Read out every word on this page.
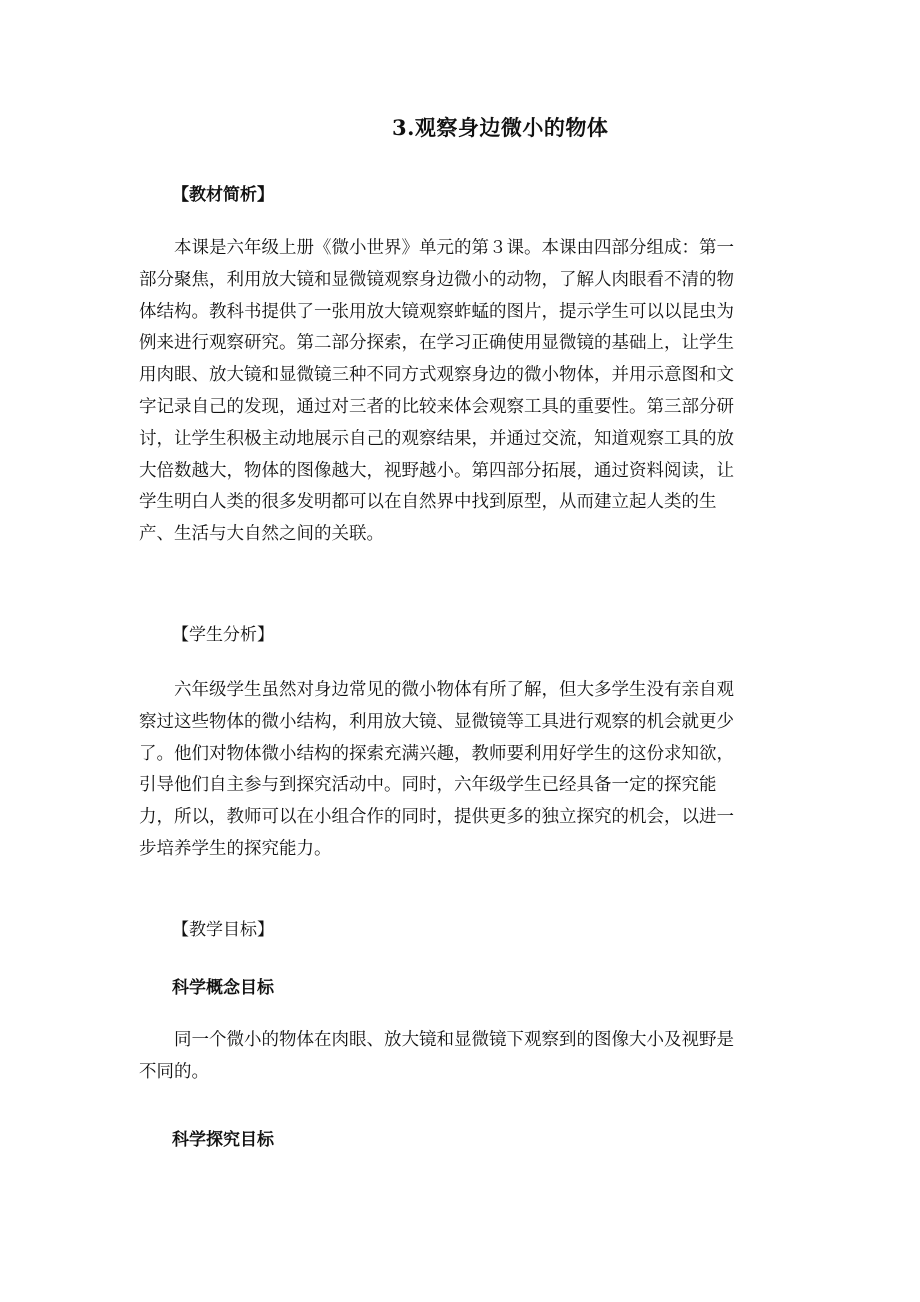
3.观察身边微小的物体
【教材简析】
　　本课是六年级上册《微小世界》单元的第３课。本课由四部分组成：第一
部分聚焦，利用放大镜和显微镜观察身边微小的动物，了解人肉眼看不清的物
体结构。教科书提供了一张用放大镜观察蚱蜢的图片，提示学生可以以昆虫为
例来进行观察研究。第二部分探索，在学习正确使用显微镜的基础上，让学生
用肉眼、放大镜和显微镜三种不同方式观察身边的微小物体，并用示意图和文
字记录自己的发现，通过对三者的比较来体会观察工具的重要性。第三部分研
讨，让学生积极主动地展示自己的观察结果，并通过交流，知道观察工具的放
大倍数越大，物体的图像越大，视野越小。第四部分拓展，通过资料阅读，让
学生明白人类的很多发明都可以在自然界中找到原型，从而建立起人类的生
产、生活与大自然之间的关联。
【学生分析】
　　六年级学生虽然对身边常见的微小物体有所了解，但大多学生没有亲自观
察过这些物体的微小结构，利用放大镜、显微镜等工具进行观察的机会就更少
了。他们对物体微小结构的探索充满兴趣，教师要利用好学生的这份求知欲，
引导他们自主参与到探究活动中。同时，六年级学生已经具备一定的探究能
力，所以，教师可以在小组合作的同时，提供更多的独立探究的机会，以进一
步培养学生的探究能力。
【教学目标】
科学概念目标
　　同一个微小的物体在肉眼、放大镜和显微镜下观察到的图像大小及视野是
不同的。
科学探究目标
